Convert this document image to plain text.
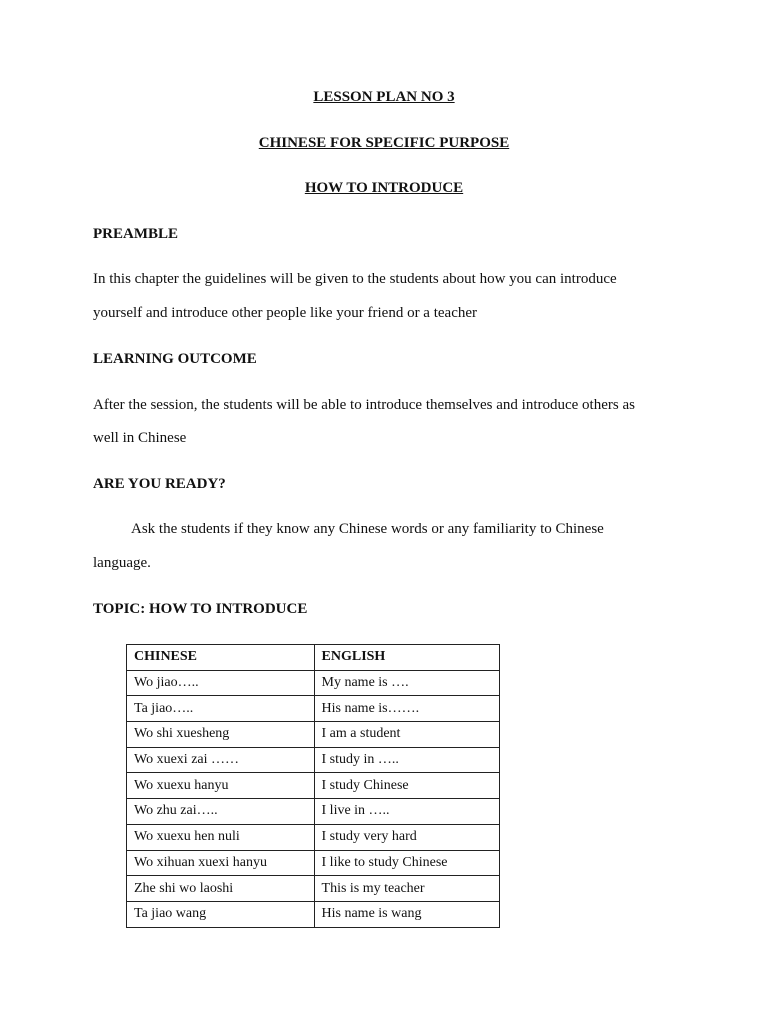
LESSON PLAN NO 3
CHINESE FOR SPECIFIC PURPOSE
HOW TO INTRODUCE
PREAMBLE
In this chapter the guidelines will be given to the students about how you can introduce
yourself and introduce other people like your friend or a teacher
LEARNING OUTCOME
After the session, the students will be able to introduce themselves and introduce others as
well in Chinese
ARE YOU READY?
Ask the students if they know any Chinese words or any familiarity to Chinese
language.
TOPIC: HOW TO INTRODUCE
CHINESE	ENGLISH
Wo jiao…..	My name is ….
Ta jiao…..	His name is…….
Wo shi xuesheng	I am a student
Wo xuexi zai ……	I study in …..
Wo xuexu hanyu	I study Chinese
Wo zhu zai…..	I live in …..
Wo xuexu hen nuli	I study very hard
Wo xihuan xuexi hanyu	I like to study Chinese
Zhe shi wo laoshi	This is my teacher
Ta jiao wang	His name is wang
